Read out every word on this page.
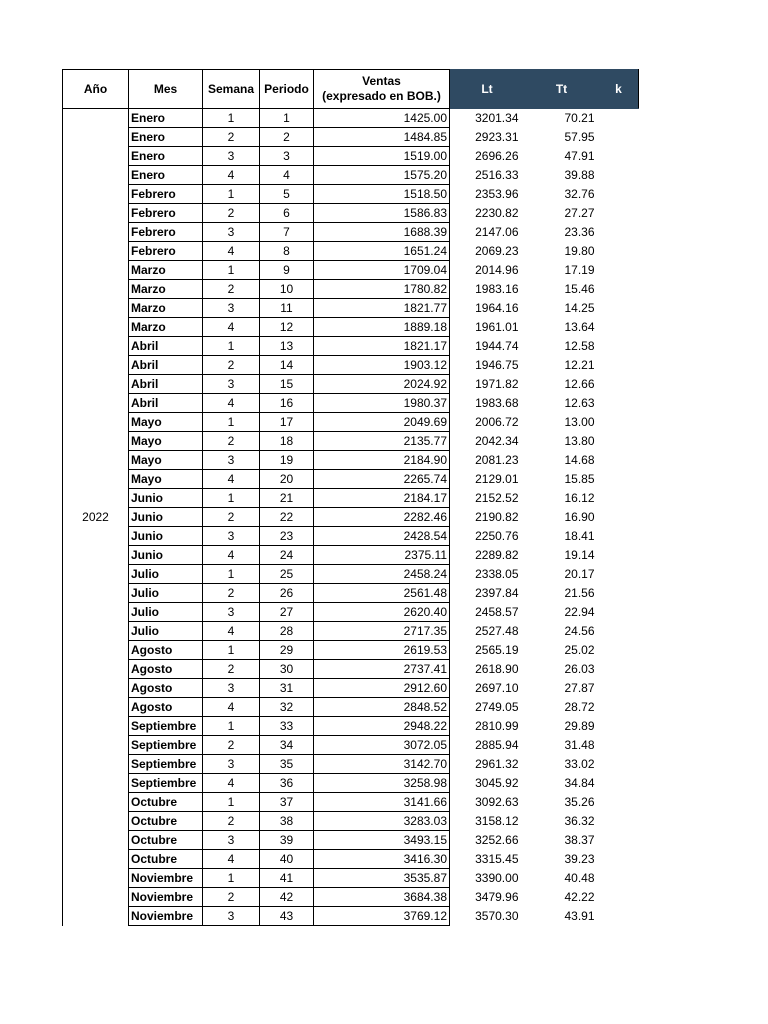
Año	Mes	Semana	Periodo	Ventas
(expresado en BOB.)	Lt	Tt	k
2022	Enero	1	1	1425.00	3201.34	70.21	
	Enero	2	2	1484.85	2923.31	57.95	
	Enero	3	3	1519.00	2696.26	47.91	
	Enero	4	4	1575.20	2516.33	39.88	
	Febrero	1	5	1518.50	2353.96	32.76	
	Febrero	2	6	1586.83	2230.82	27.27	
	Febrero	3	7	1688.39	2147.06	23.36	
	Febrero	4	8	1651.24	2069.23	19.80	
	Marzo	1	9	1709.04	2014.96	17.19	
	Marzo	2	10	1780.82	1983.16	15.46	
	Marzo	3	11	1821.77	1964.16	14.25	
	Marzo	4	12	1889.18	1961.01	13.64	
	Abril	1	13	1821.17	1944.74	12.58	
	Abril	2	14	1903.12	1946.75	12.21	
	Abril	3	15	2024.92	1971.82	12.66	
	Abril	4	16	1980.37	1983.68	12.63	
	Mayo	1	17	2049.69	2006.72	13.00	
	Mayo	2	18	2135.77	2042.34	13.80	
	Mayo	3	19	2184.90	2081.23	14.68	
	Mayo	4	20	2265.74	2129.01	15.85	
	Junio	1	21	2184.17	2152.52	16.12	
	Junio	2	22	2282.46	2190.82	16.90	
	Junio	3	23	2428.54	2250.76	18.41	
	Junio	4	24	2375.11	2289.82	19.14	
	Julio	1	25	2458.24	2338.05	20.17	
	Julio	2	26	2561.48	2397.84	21.56	
	Julio	3	27	2620.40	2458.57	22.94	
	Julio	4	28	2717.35	2527.48	24.56	
	Agosto	1	29	2619.53	2565.19	25.02	
	Agosto	2	30	2737.41	2618.90	26.03	
	Agosto	3	31	2912.60	2697.10	27.87	
	Agosto	4	32	2848.52	2749.05	28.72	
	Septiembre	1	33	2948.22	2810.99	29.89	
	Septiembre	2	34	3072.05	2885.94	31.48	
	Septiembre	3	35	3142.70	2961.32	33.02	
	Septiembre	4	36	3258.98	3045.92	34.84	
	Octubre	1	37	3141.66	3092.63	35.26	
	Octubre	2	38	3283.03	3158.12	36.32	
	Octubre	3	39	3493.15	3252.66	38.37	
	Octubre	4	40	3416.30	3315.45	39.23	
	Noviembre	1	41	3535.87	3390.00	40.48	
	Noviembre	2	42	3684.38	3479.96	42.22	
	Noviembre	3	43	3769.12	3570.30	43.91	
